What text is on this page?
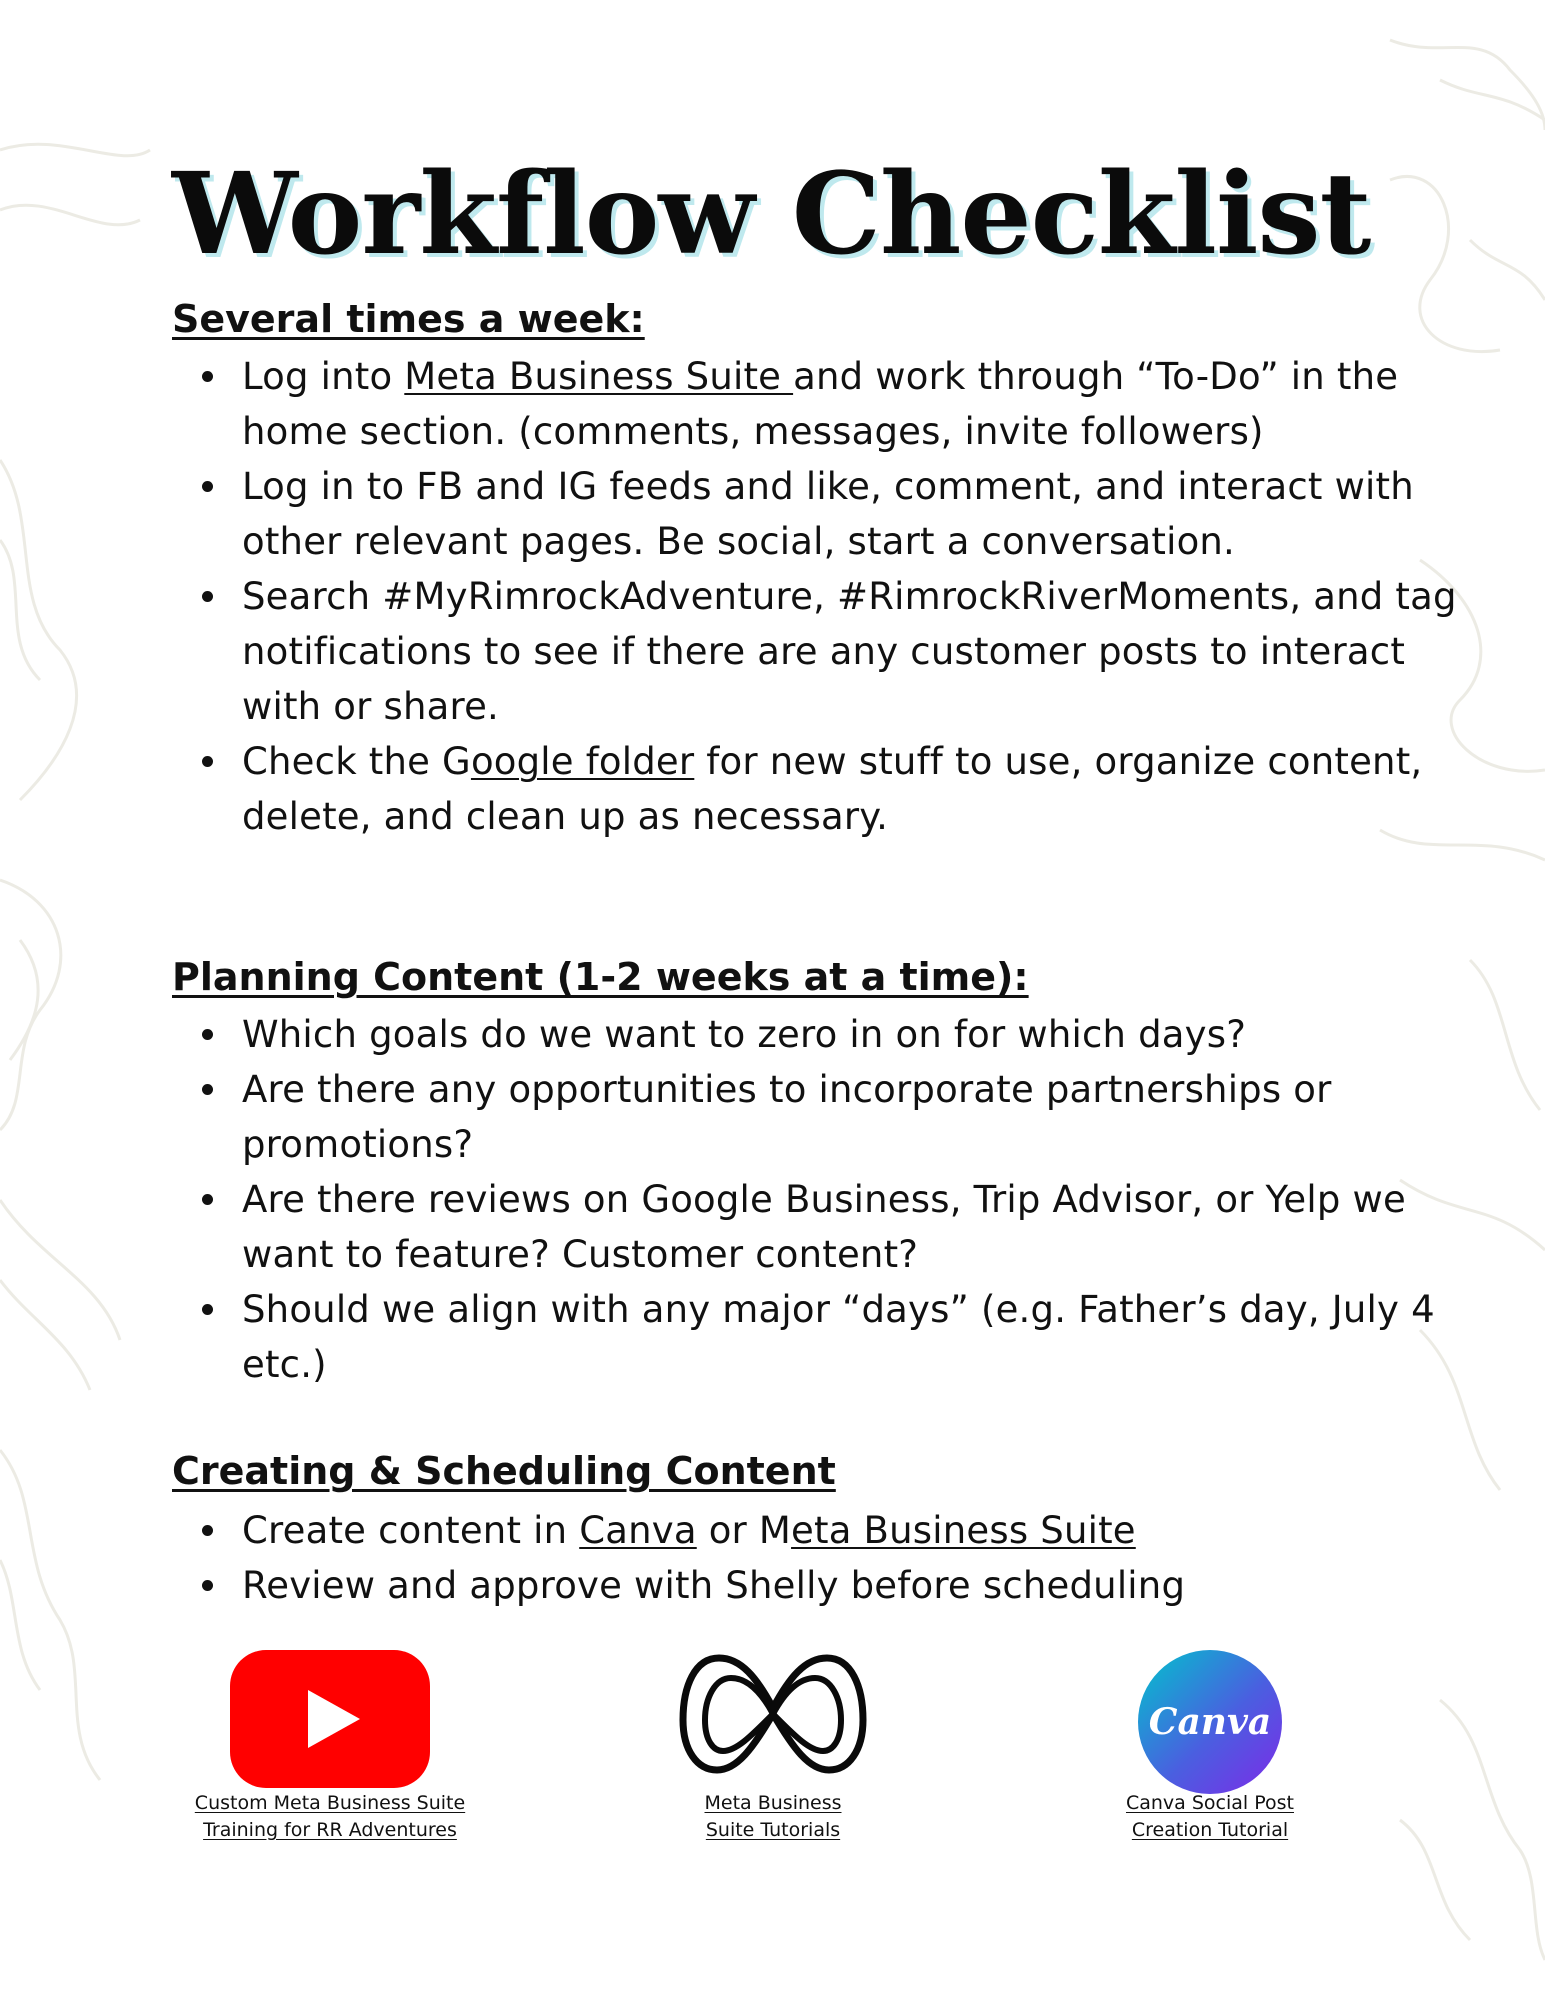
Workflow Checklist
Several times a week:
Log into Meta Business Suite and work through “To-Do” in the home section. (comments, messages, invite followers)
Log in to FB and IG feeds and like, comment, and interact with other relevant pages. Be social, start a conversation.
Search #MyRimrockAdventure, #RimrockRiverMoments, and tag notifications to see if there are any customer posts to interact with or share.
Check the Google folder for new stuff to use, organize content, delete, and clean up as necessary.
Planning Content (1-2 weeks at a time):
Which goals do we want to zero in on for which days?
Are there any opportunities to incorporate partnerships or promotions?
Are there reviews on Google Business, Trip Advisor, or Yelp we want to feature? Customer content?
Should we align with any major “days” (e.g. Father’s day, July 4 etc.)
Creating & Scheduling Content
Create content in Canva or Meta Business Suite
Review and approve with Shelly before scheduling
Canva
Custom Meta Business Suite
Training for RR Adventures
Meta Business
Suite Tutorials
Canva Social Post
Creation Tutorial
